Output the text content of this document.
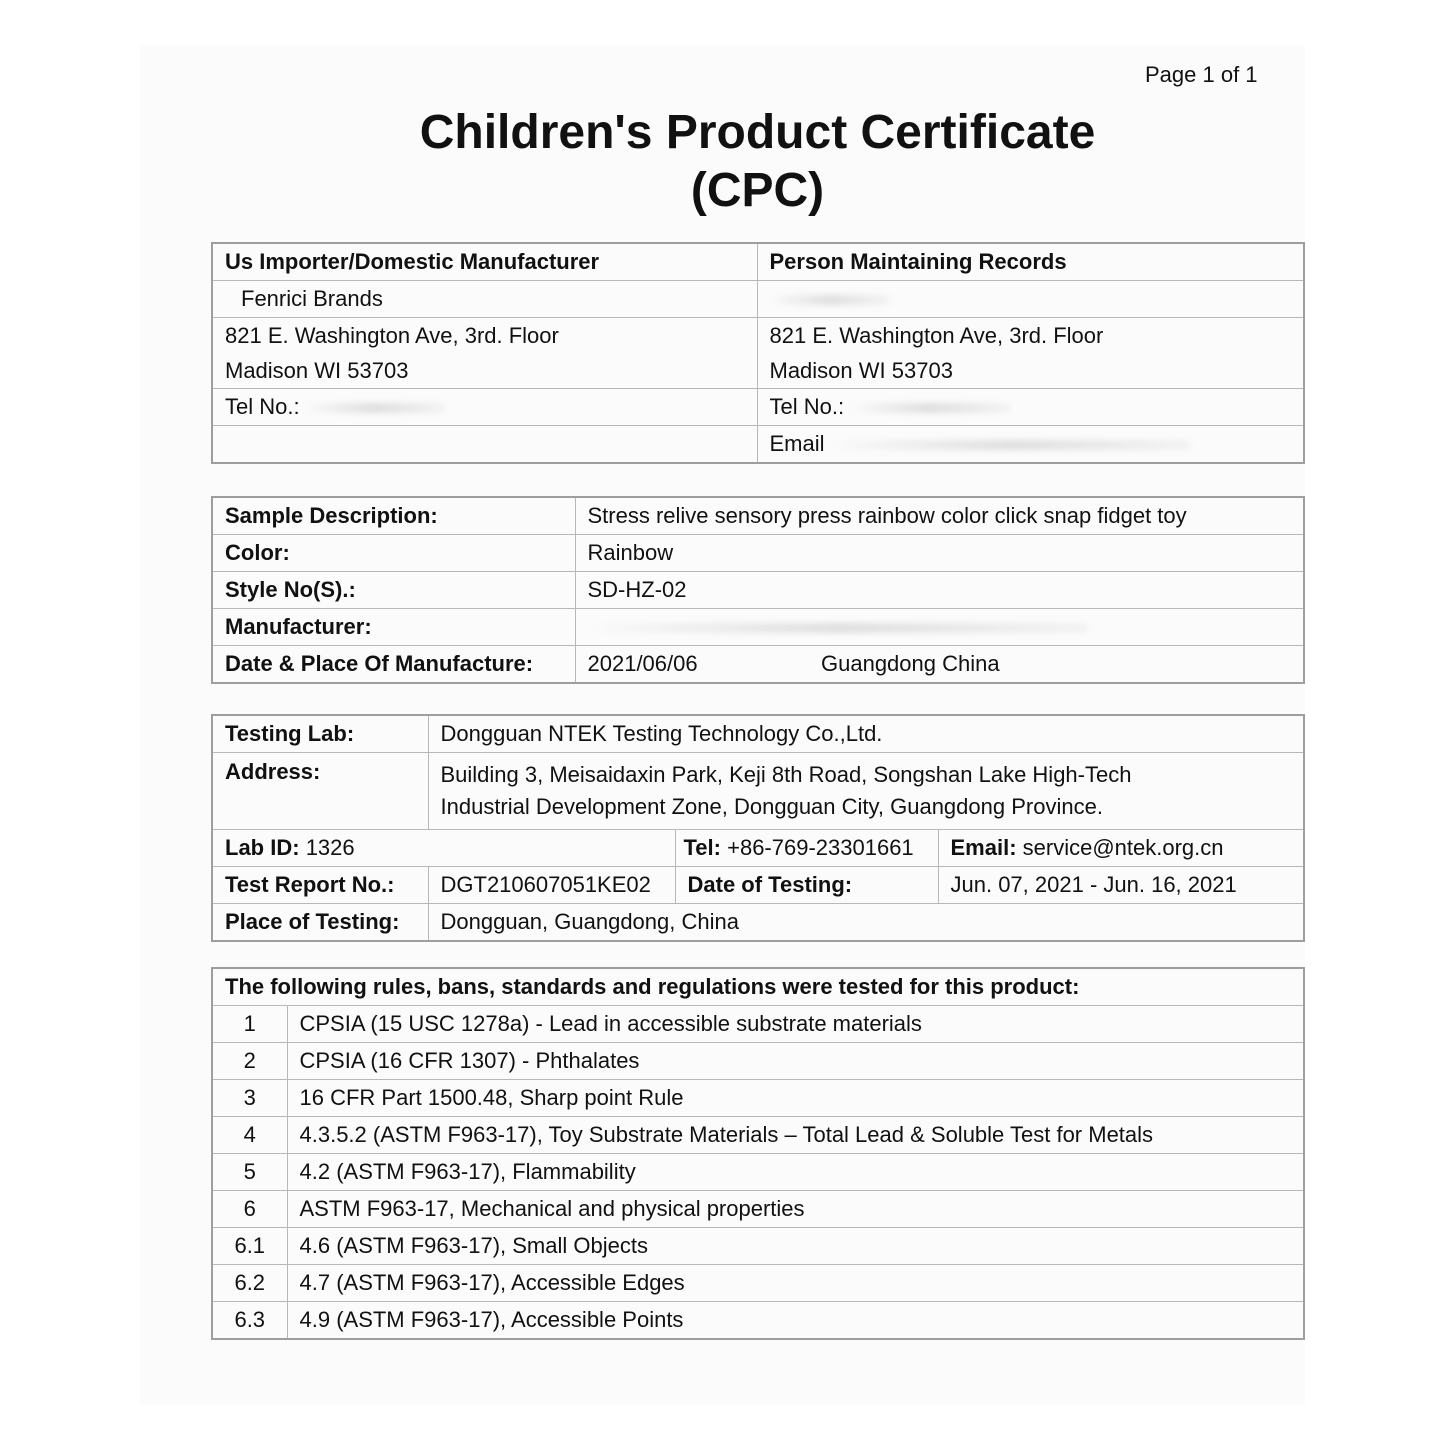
Page 1 of 1
Children's Product Certificate
(CPC)
Us Importer/Domestic Manufacturer	Person Maintaining Records
Fenrici Brands	
821 E. Washington Ave, 3rd. Floor	821 E. Washington Ave, 3rd. Floor
Madison WI 53703	Madison WI 53703
Tel No.:	Tel No.:
	Email
Sample Description:	Stress relive sensory press rainbow color click snap fidget toy	
Color:	Rainbow	
Style No(S).:	SD-HZ-02	
Manufacturer:		
Date & Place Of Manufacture:	2021/06/06	Guangdong China
Testing Lab:	Dongguan NTEK Testing Technology Co.,Ltd.		
Address:	Building 3, Meisaidaxin Park, Keji 8th Road, Songshan Lake High-Tech
Industrial Development Zone, Dongguan City, Guangdong Province.		

Lab ID: 1326		Tel: +86-769-23301661	Email: service@ntek.org.cn
Test Report No.:	DGT210607051KE02	Date of Testing:	Jun. 07, 2021 - Jun. 16, 2021
Place of Testing:	Dongguan, Guangdong, China		
The following rules, bans, standards and regulations were tested for this product:	
1	CPSIA (15 USC 1278a) - Lead in accessible substrate materials
2	CPSIA (16 CFR 1307) - Phthalates
3	16 CFR Part 1500.48, Sharp point Rule
4	4.3.5.2 (ASTM F963-17), Toy Substrate Materials – Total Lead & Soluble Test for Metals
5	4.2 (ASTM F963-17), Flammability
6	ASTM F963-17, Mechanical and physical properties
6.1	4.6 (ASTM F963-17), Small Objects
6.2	4.7 (ASTM F963-17), Accessible Edges
6.3	4.9 (ASTM F963-17), Accessible Points
